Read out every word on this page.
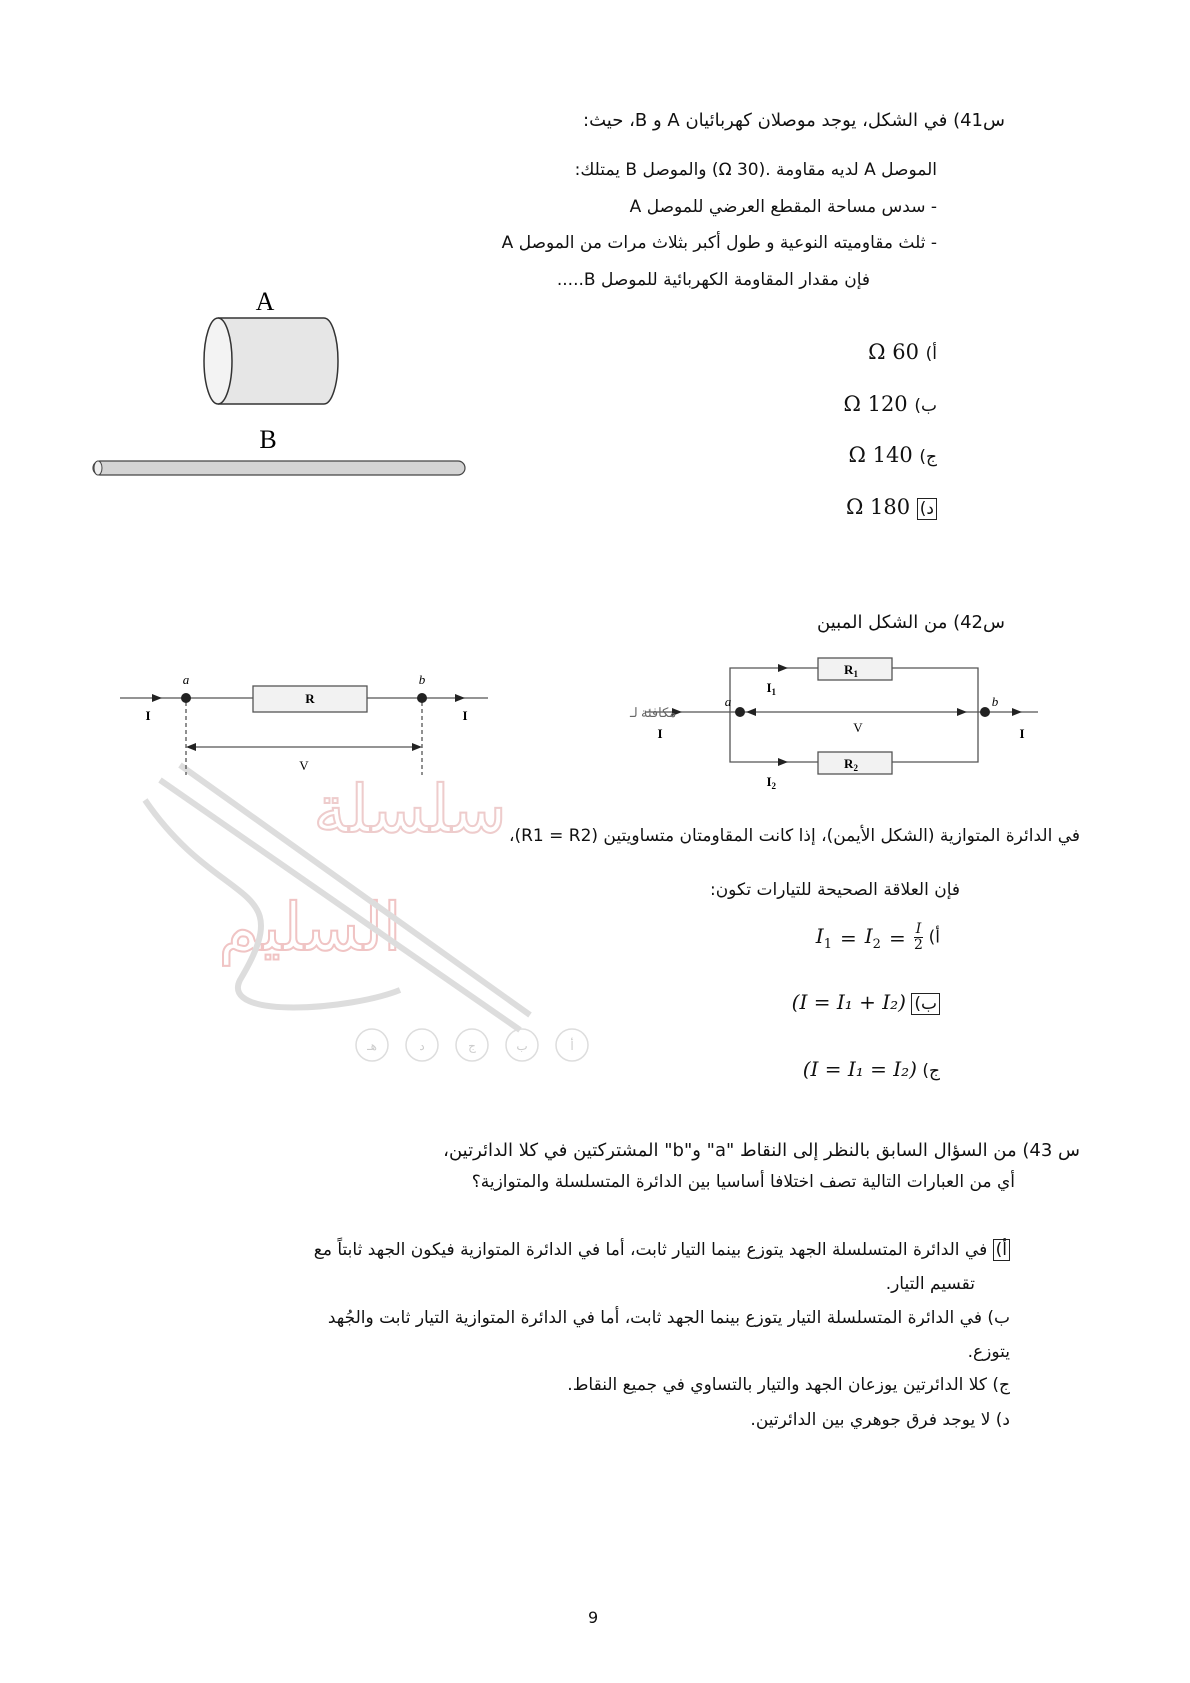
س41) في الشكل، يوجد موصلان كهربائيان A و B، حيث:
الموصل A لديه مقاومة .(30 Ω) والموصل B يمتلك:
- سدس مساحة المقطع العرضي للموصل A
- ثلث مقاوميته النوعية و طول أكبر بثلاث مرات من الموصل A
فإن مقدار المقاومة الكهربائية للموصل B.....
A
B
أ) Ω 60
ب) Ω 120
ج) Ω 140
د) Ω 180
س42) من الشكل المبين
سلسلة
السليم
أ
ب
ج
د
هـ
a	b
R
I	I
V
مكافئة لـ
a	b
$R_1$
$R_2$
$I_1$
$I_2$
V
I	I
في الدائرة المتوازية (الشكل الأيمن)، إذا كانت المقاومتان متساويتين (R1 = R2)،
فإن العلاقة الصحيحة للتيارات تكون:
أ)
$I_1 = I_2 = \frac{I}{2}$
ب) (I = I₁ + I₂)
ج) (I = I₁ = I₂)
س 43) من السؤال السابق بالنظر إلى النقاط "a" و"b" المشتركتين في كلا الدائرتين،
أي من العبارات التالية تصف اختلافا أساسيا بين الدائرة المتسلسلة والمتوازية؟
أ) في الدائرة المتسلسلة الجهد يتوزع بينما التيار ثابت، أما في الدائرة المتوازية فيكون الجهد ثابتاً مع
تقسيم التيار.
ب) في الدائرة المتسلسلة التيار يتوزع بينما الجهد ثابت، أما في الدائرة المتوازية التيار ثابت والجُهد
يتوزع.
ج) كلا الدائرتين يوزعان الجهد والتيار بالتساوي في جميع النقاط.
د) لا يوجد فرق جوهري بين الدائرتين.
9
